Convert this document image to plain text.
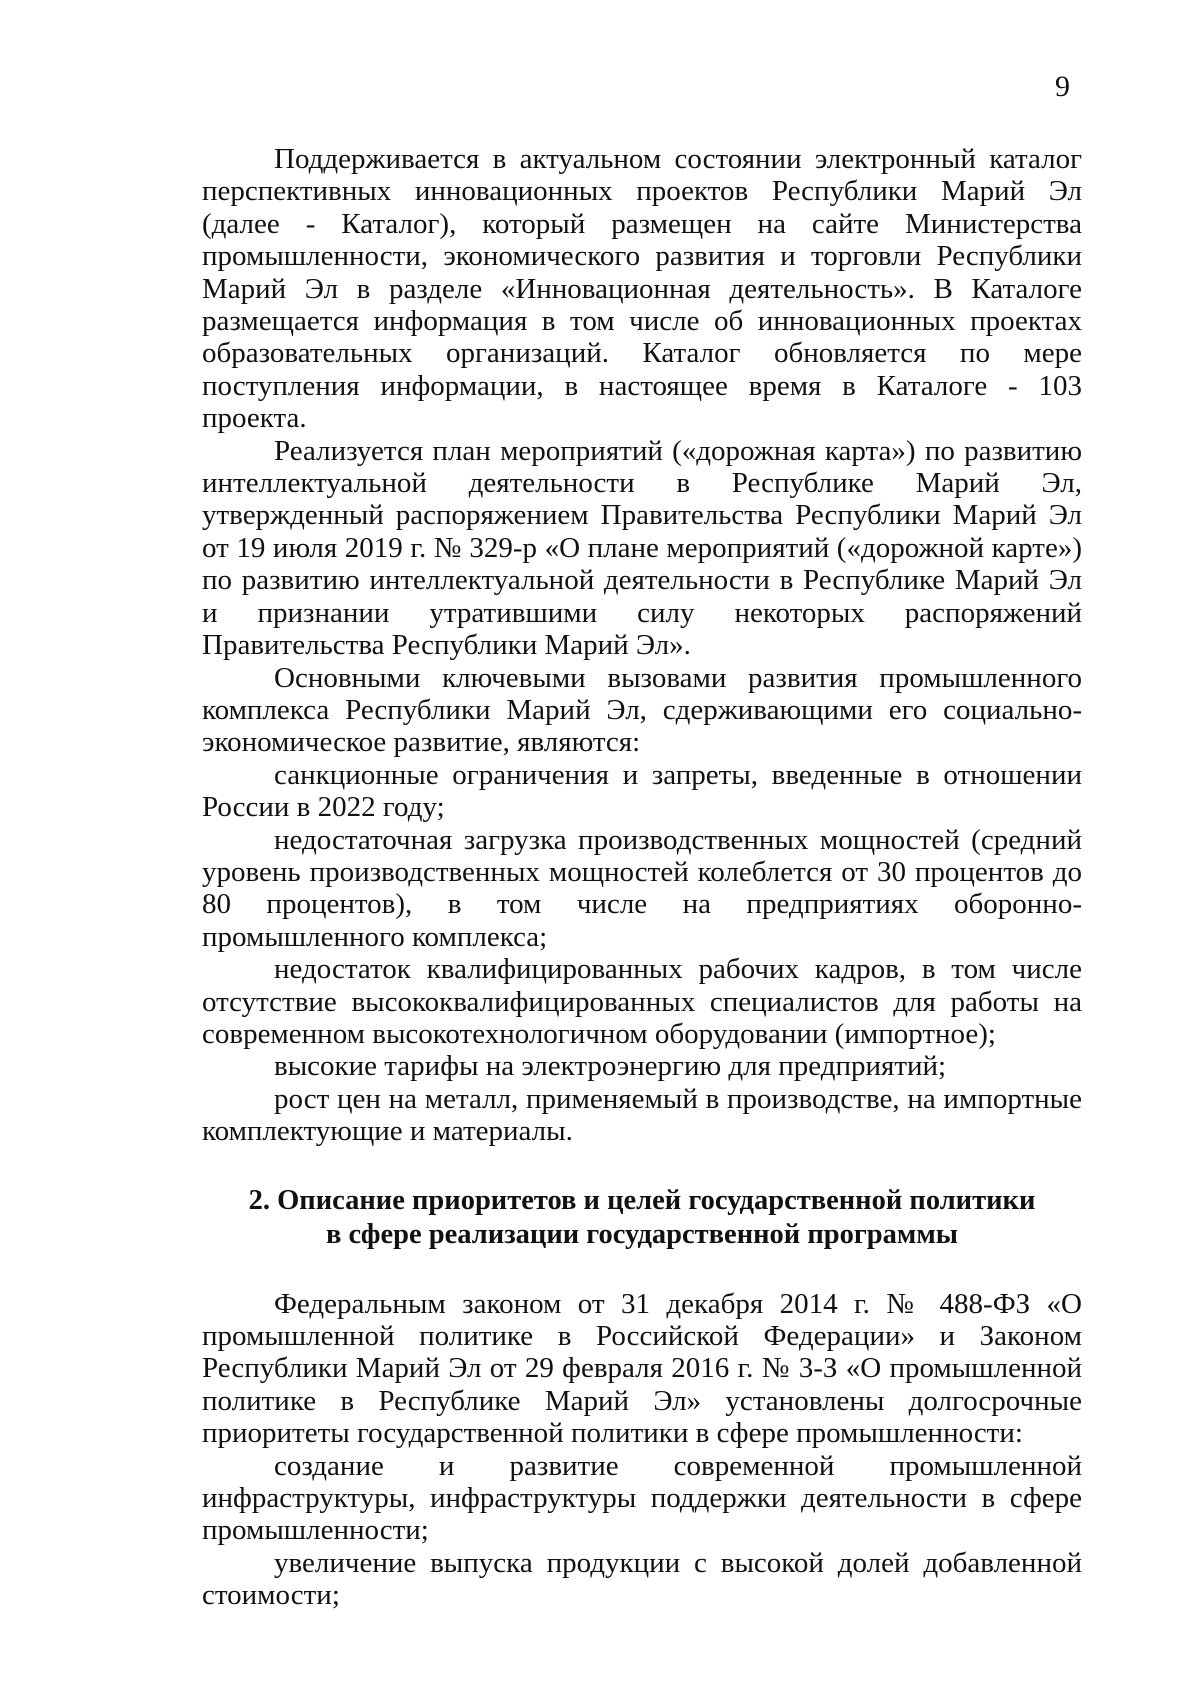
9

Поддерживается в актуальном состоянии электронный каталог перспективных инновационных проектов Республики Марий Эл (далее - Каталог), который размещен на сайте Министерства промышленности, экономического развития и торговли Республики Марий Эл в разделе «Инновационная деятельность». В Каталоге размещается информация в том числе об инновационных проектах образовательных организаций. Каталог обновляется по мере поступления информации, в настоящее время в Каталоге - 103 проекта.

Реализуется план мероприятий («дорожная карта») по развитию интеллектуальной деятельности в Республике Марий Эл, утвержденный распоряжением Правительства Республики Марий Эл от 19 июля 2019 г. № 329-р «О плане мероприятий («дорожной карте») по развитию интеллектуальной деятельности в Республике Марий Эл и признании утратившими силу некоторых распоряжений Правительства Республики Марий Эл».

Основными ключевыми вызовами развития промышленного комплекса Республики Марий Эл, сдерживающими его социально-экономическое развитие, являются:

санкционные ограничения и запреты, введенные в отношении России в 2022 году;

недостаточная загрузка производственных мощностей (средний уровень производственных мощностей колеблется от 30 процентов до 80 процентов), в том числе на предприятиях оборонно-промышленного комплекса;

недостаток квалифицированных рабочих кадров, в том числе отсутствие высококвалифицированных специалистов для работы на современном высокотехнологичном оборудовании (импортное);

высокие тарифы на электроэнергию для предприятий;

рост цен на металл, применяемый в производстве, на импортные комплектующие и материалы.

2. Описание приоритетов и целей государственной политики
в сфере реализации государственной программы

Федеральным законом от 31 декабря 2014 г. № 488-ФЗ «О промышленной политике в Российской Федерации» и Законом Республики Марий Эл от 29 февраля 2016 г. № 3-З «О промышленной политике в Республике Марий Эл» установлены долгосрочные приоритеты государственной политики в сфере промышленности:

создание и развитие современной промышленной инфраструктуры, инфраструктуры поддержки деятельности в сфере промышленности;

увеличение выпуска продукции с высокой долей добавленной стоимости;
